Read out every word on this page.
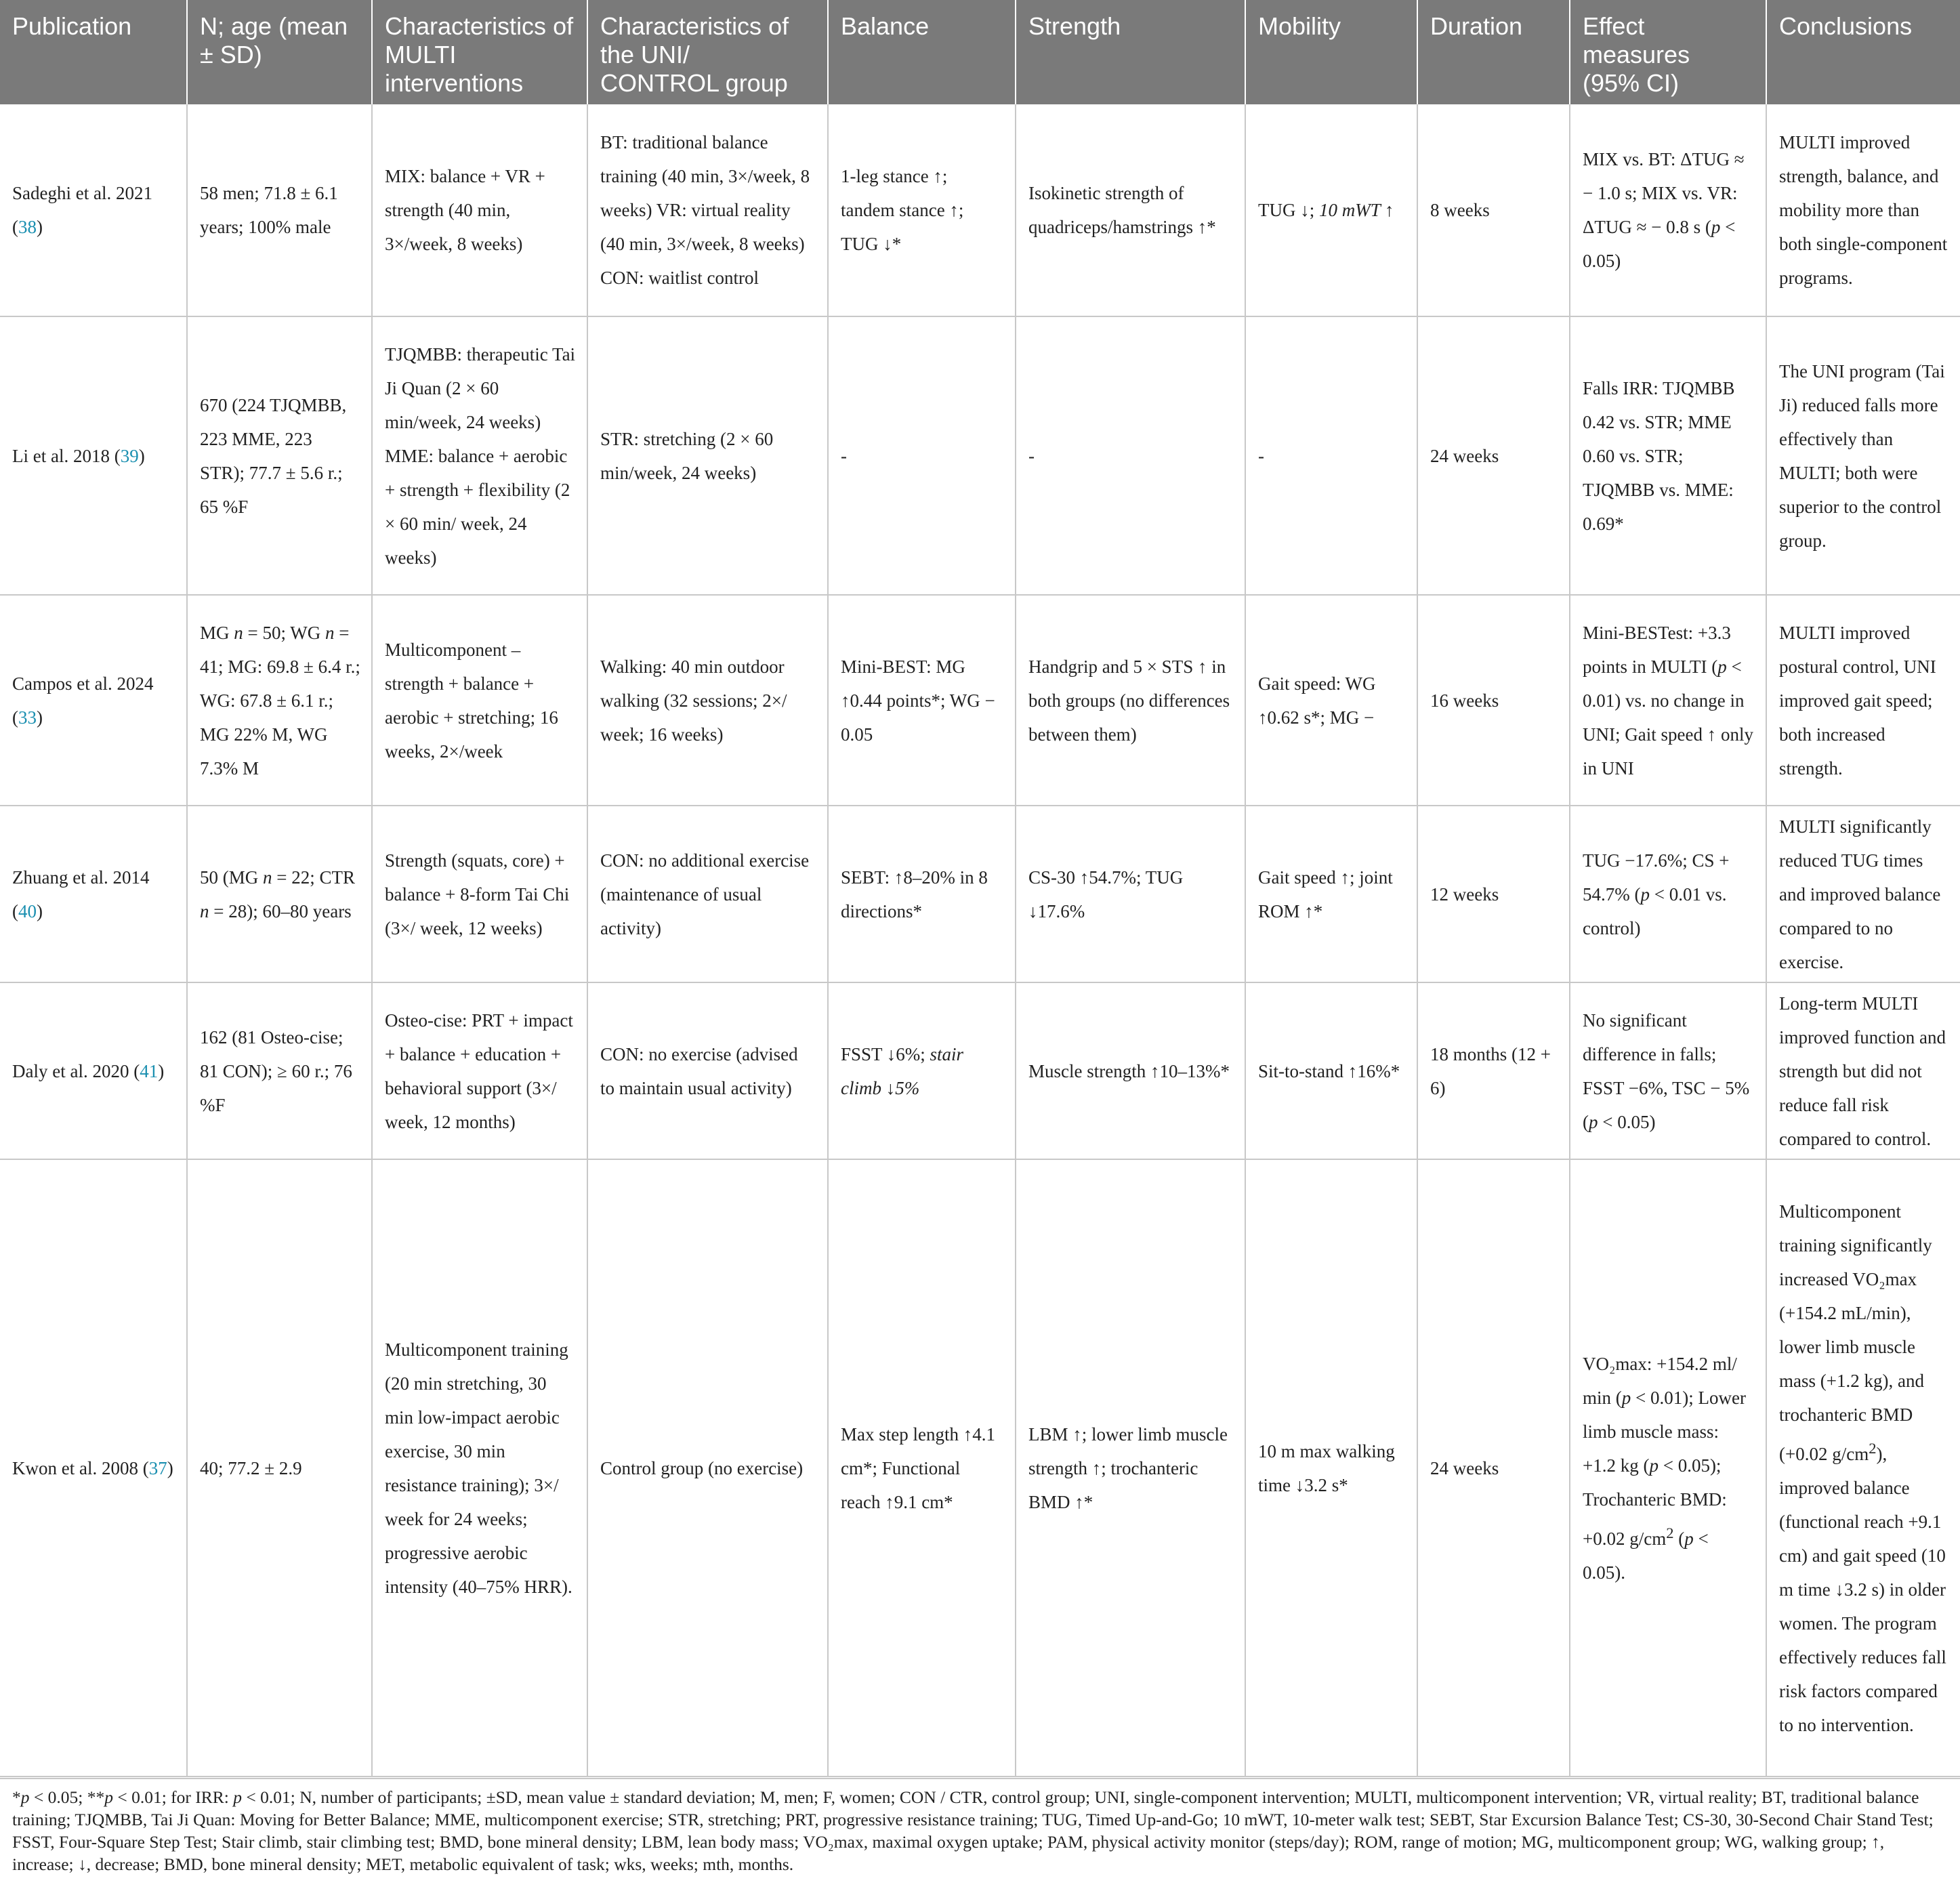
Publication	N; age (mean ± SD)	Characteristics of MULTI interventions	Characteristics of the UNI/ CONTROL group	Balance	Strength	Mobility	Duration	Effect measures (95% CI)	Conclusions
Sadeghi et al. 2021 (38)	58 men; 71.8 ± 6.1 years; 100% male	MIX: balance + VR + strength (40 min, 3×/week, 8 weeks)	BT: traditional balance training (40 min, 3×/week, 8 weeks) VR: virtual reality (40 min, 3×/week, 8 weeks) CON: waitlist control	1-leg stance ↑; tandem stance ↑; TUG ↓*	Isokinetic strength of quadriceps/hamstrings ↑*	TUG ↓; 10 mWT ↑	8 weeks	MIX vs. BT: ΔTUG ≈ − 1.0 s; MIX vs. VR: ΔTUG ≈ − 0.8 s (p < 0.05)	MULTI improved strength, balance, and mobility more than both single-component programs.
Li et al. 2018 (39)	670 (224 TJQMBB, 223 MME, 223 STR); 77.7 ± 5.6 r.; 65 %F	TJQMBB: therapeutic Tai Ji Quan (2 × 60 min/week, 24 weeks) MME: balance + aerobic + strength + flexibility (2 × 60 min/ week, 24 weeks)	STR: stretching (2 × 60 min/week, 24 weeks)	-	-	-	24 weeks	Falls IRR: TJQMBB 0.42 vs. STR; MME 0.60 vs. STR; TJQMBB vs. MME: 0.69*	The UNI program (Tai Ji) reduced falls more effectively than MULTI; both were superior to the control group.
Campos et al. 2024 (33)	MG n = 50; WG n = 41; MG: 69.8 ± 6.4 r.; WG: 67.8 ± 6.1 r.; MG 22% M, WG 7.3% M	Multicomponent – strength + balance + aerobic + stretching; 16 weeks, 2×/week	Walking: 40 min outdoor walking (32 sessions; 2×/ week; 16 weeks)	Mini-BEST: MG ↑0.44 points*; WG − 0.05	Handgrip and 5 × STS ↑ in both groups (no differences between them)	Gait speed: WG ↑0.62 s*; MG −	16 weeks	Mini-BESTest: +3.3 points in MULTI (p < 0.01) vs. no change in UNI; Gait speed ↑ only in UNI	MULTI improved postural control, UNI improved gait speed; both increased strength.
Zhuang et al. 2014 (40)	50 (MG n = 22; CTR n = 28); 60–80 years	Strength (squats, core) + balance + 8-form Tai Chi (3×/ week, 12 weeks)	CON: no additional exercise (maintenance of usual activity)	SEBT: ↑8–20% in 8 directions*	CS-30 ↑54.7%; TUG ↓17.6%	Gait speed ↑; joint ROM ↑*	12 weeks	TUG −17.6%; CS + 54.7% (p < 0.01 vs. control)	MULTI significantly reduced TUG times and improved balance compared to no exercise.
Daly et al. 2020 (41)	162 (81 Osteo-cise; 81 CON); ≥ 60 r.; 76 %F	Osteo-cise: PRT + impact + balance + education + behavioral support (3×/ week, 12 months)	CON: no exercise (advised to maintain usual activity)	FSST ↓6%; stair climb ↓5%	Muscle strength ↑10–13%*	Sit-to-stand ↑16%*	18 months (12 + 6)	No significant difference in falls; FSST −6%, TSC − 5% (p < 0.05)	Long-term MULTI improved function and strength but did not reduce fall risk compared to control.
Kwon et al. 2008 (37)	40; 77.2 ± 2.9	Multicomponent training (20 min stretching, 30 min low-impact aerobic exercise, 30 min resistance training); 3×/ week for 24 weeks; progressive aerobic intensity (40–75% HRR).	Control group (no exercise)	Max step length ↑4.1 cm*; Functional reach ↑9.1 cm*	LBM ↑; lower limb muscle strength ↑; trochanteric BMD ↑*	10 m max walking time ↓3.2 s*	24 weeks	VO₂max: +154.2 ml/ min (p < 0.01); Lower limb muscle mass: +1.2 kg (p < 0.05); Trochanteric BMD: +0.02 $g/cm^2$ (p < 0.05).	Multicomponent training significantly increased VO₂max (+154.2 mL/min), lower limb muscle mass (+1.2 kg), and trochanteric BMD (+0.02 $g/cm^2$), improved balance (functional reach +9.1 cm) and gait speed (10 m time ↓3.2 s) in older women. The program effectively reduces fall risk factors compared to no intervention.
*p < 0.05; **p < 0.01; for IRR: p < 0.01; N, number of participants; ±SD, mean value ± standard deviation; M, men; F, women; CON / CTR, control group; UNI, single-component intervention; MULTI, multicomponent intervention; VR, virtual reality; BT, traditional balance training; TJQMBB, Tai Ji Quan: Moving for Better Balance; MME, multicomponent exercise; STR, stretching; PRT, progressive resistance training; TUG, Timed Up-and-Go; 10 mWT, 10-meter walk test; SEBT, Star Excursion Balance Test; CS-30, 30-Second Chair Stand Test; FSST, Four-Square Step Test; Stair climb, stair climbing test; BMD, bone mineral density; LBM, lean body mass; VO₂max, maximal oxygen uptake; PAM, physical activity monitor (steps/day); ROM, range of motion; MG, multicomponent group; WG, walking group; ↑, increase; ↓, decrease; BMD, bone mineral density; MET, metabolic equivalent of task; wks, weeks; mth, months.
